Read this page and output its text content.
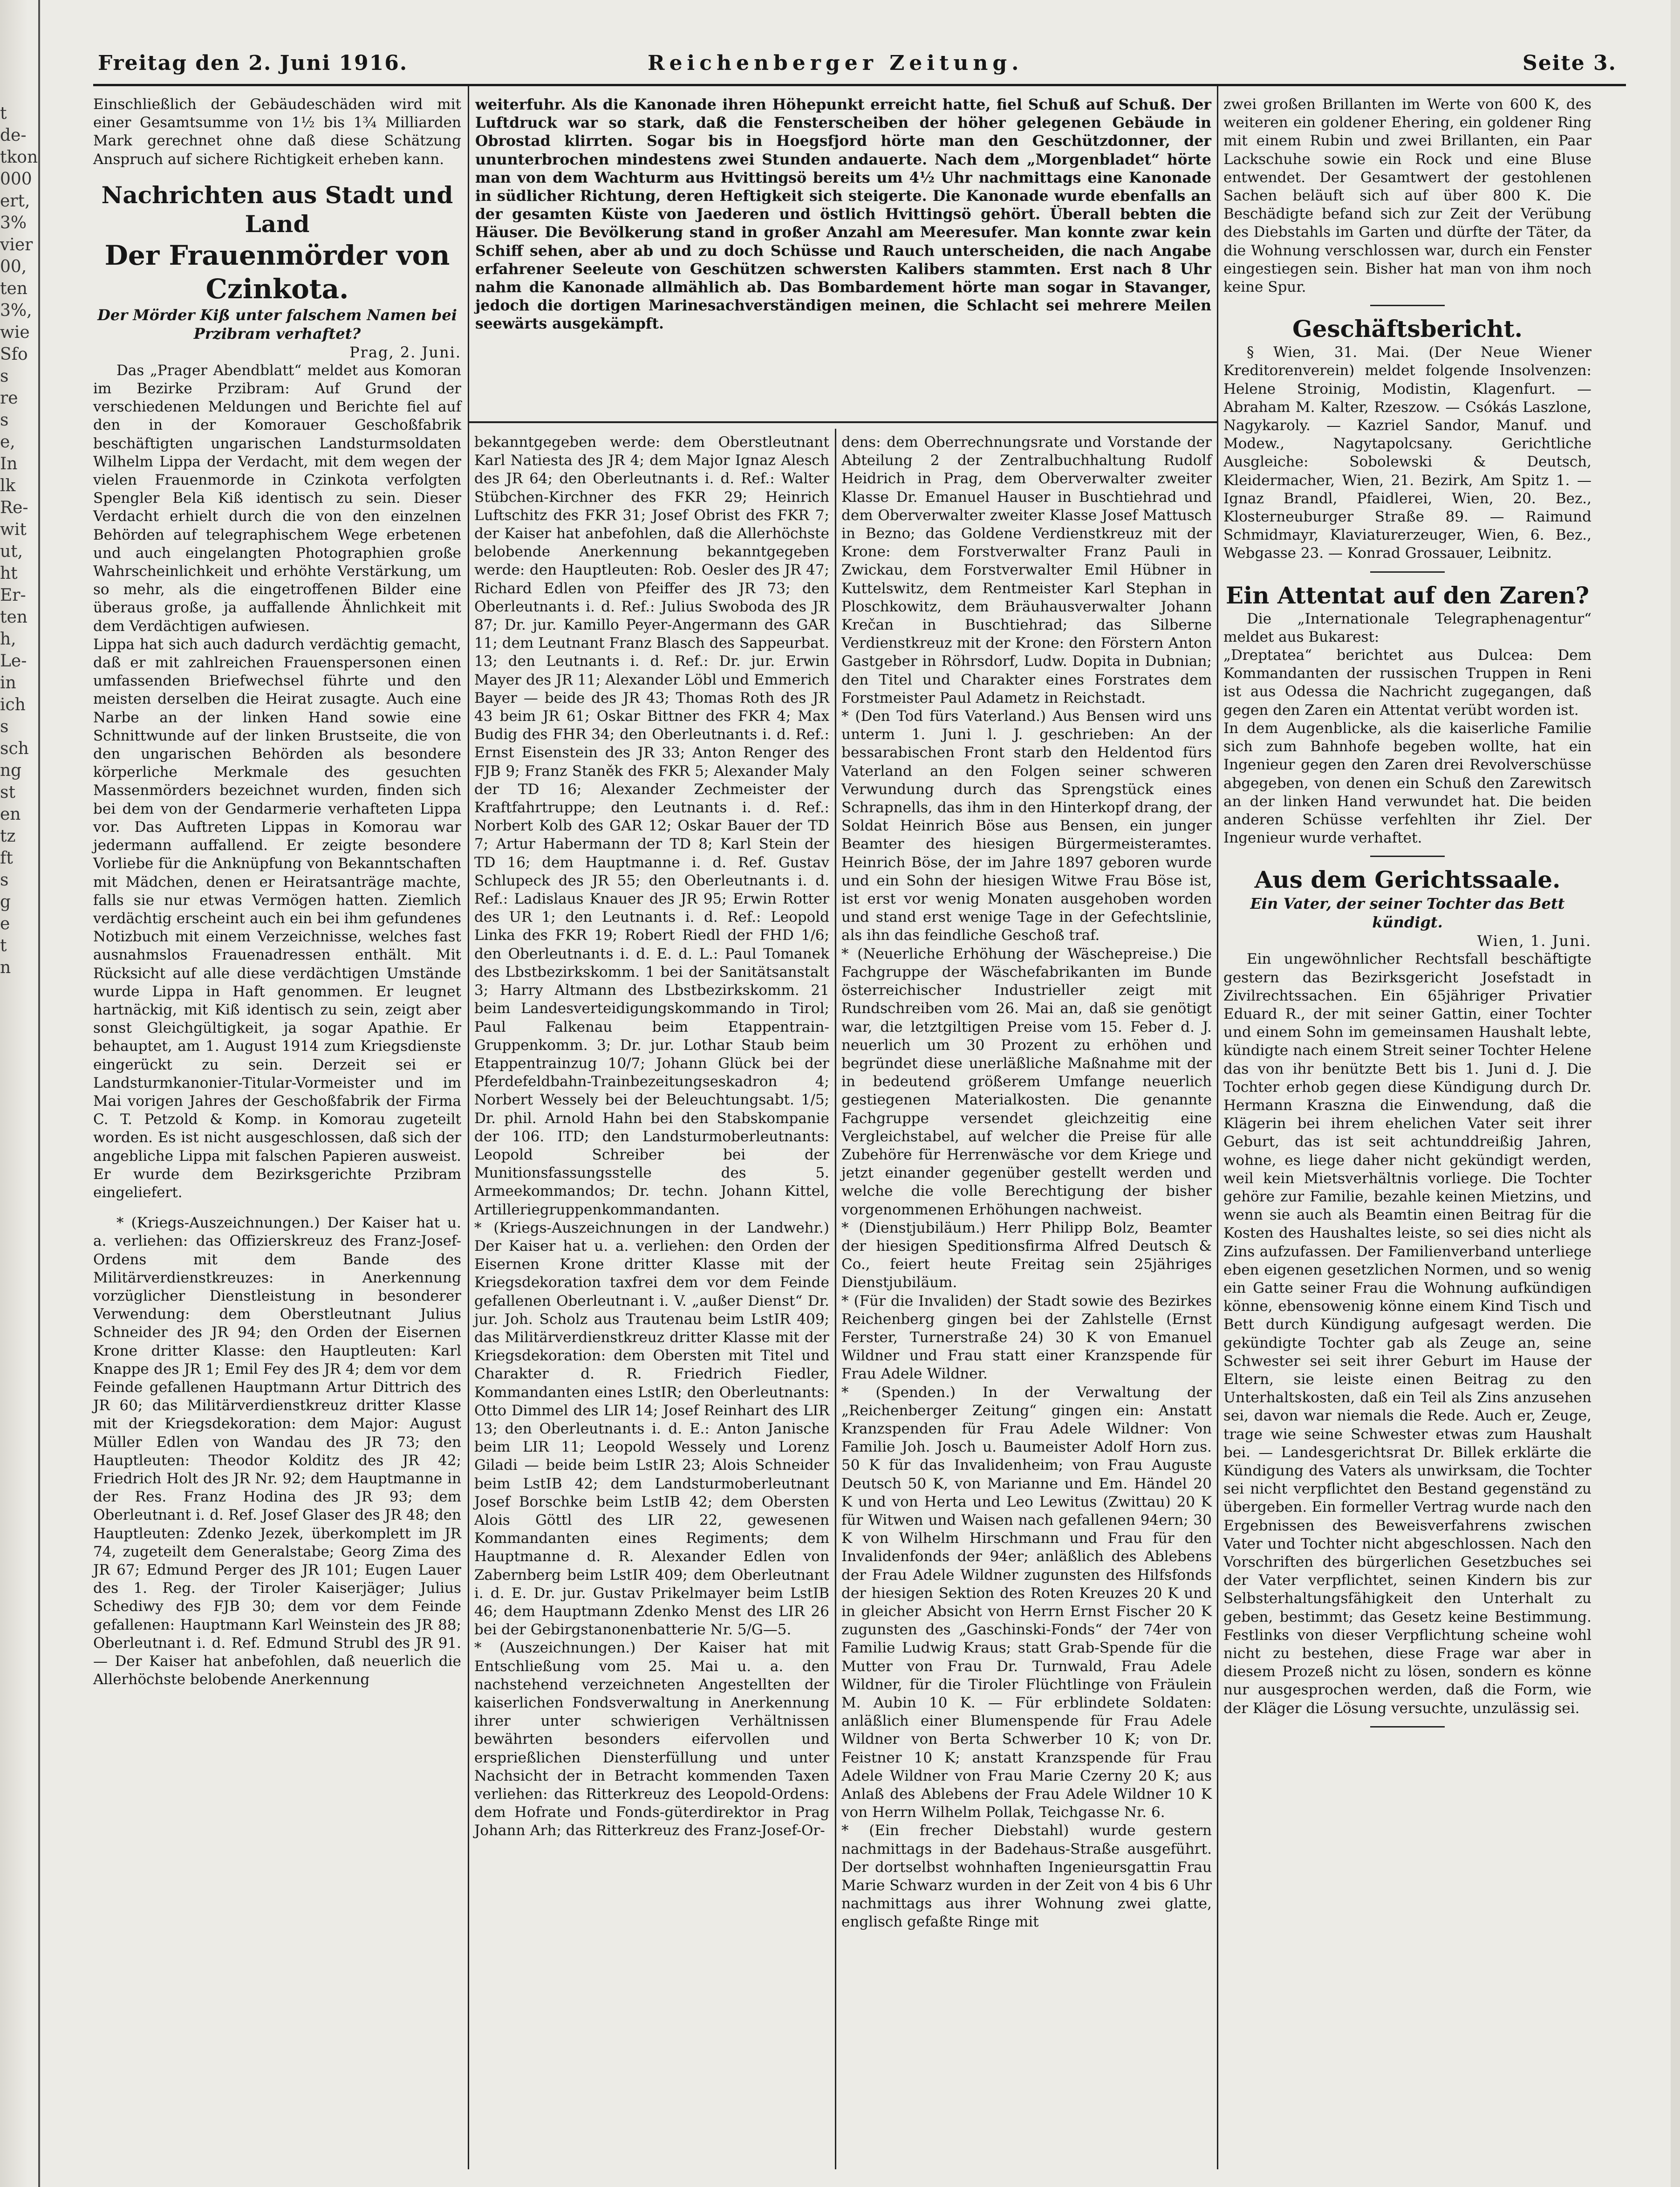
t
de-
tkon
000
ert,
3%
vier
00,
ten
3%,
wie
Sfo
s
re
s
e,
In
lk
Re-
wit
ut,
ht
Er-
ten
h,
Le-
in
ich
s
sch
ng
st
en
tz
ft
s
g
e
t
n
Freitag den 2. Juni 1916.	Reichenberger Zeitung.	Seite 3.

Einschließlich der Gebäudeschäden wird mit einer Gesamtsumme von 1½ bis 1¾ Milliarden Mark gerechnet ohne daß diese Schätzung Anspruch auf sichere Richtigkeit erheben kann.

Nachrichten aus Stadt und Land
Der Frauenmörder von Czinkota.
Der Mörder Kiß unter falschem Namen bei Przibram verhaftet?
Prag, 2. Juni.

Das „Prager Abendblatt“ meldet aus Komoran im Bezirke Przibram: Auf Grund der verschiedenen Meldungen und Berichte fiel auf den in der Komorauer Geschoßfabrik beschäftigten ungarischen Landsturmsoldaten Wilhelm Lippa der Verdacht, mit dem wegen der vielen Frauenmorde in Czinkota verfolgten Spengler Bela Kiß identisch zu sein. Dieser Verdacht erhielt durch die von den einzelnen Behörden auf telegraphischem Wege erbetenen und auch eingelangten Photographien große Wahrscheinlichkeit und erhöhte Verstärkung, um so mehr, als die eingetroffenen Bilder eine überaus große, ja auffallende Ähnlichkeit mit dem Verdächtigen aufwiesen.

Lippa hat sich auch dadurch verdächtig gemacht, daß er mit zahlreichen Frauenspersonen einen umfassenden Briefwechsel führte und den meisten derselben die Heirat zusagte. Auch eine Narbe an der linken Hand sowie eine Schnittwunde auf der linken Brustseite, die von den ungarischen Behörden als besondere körperliche Merkmale des gesuchten Massenmörders bezeichnet wurden, finden sich bei dem von der Gendarmerie verhafteten Lippa vor. Das Auftreten Lippas in Komorau war jedermann auffallend. Er zeigte besondere Vorliebe für die Anknüpfung von Bekanntschaften mit Mädchen, denen er Heiratsanträge machte, falls sie nur etwas Vermögen hatten. Ziemlich verdächtig erscheint auch ein bei ihm gefundenes Notizbuch mit einem Verzeichnisse, welches fast ausnahmslos Frauenadressen enthält. Mit Rücksicht auf alle diese verdächtigen Umstände wurde Lippa in Haft genommen. Er leugnet hartnäckig, mit Kiß identisch zu sein, zeigt aber sonst Gleichgültigkeit, ja sogar Apathie. Er behauptet, am 1. August 1914 zum Kriegsdienste eingerückt zu sein. Derzeit sei er Landsturmkanonier-Titular-Vormeister und im Mai vorigen Jahres der Geschoßfabrik der Firma C. T. Petzold & Komp. in Komorau zugeteilt worden. Es ist nicht ausgeschlossen, daß sich der angebliche Lippa mit falschen Papieren ausweist. Er wurde dem Bezirksgerichte Przibram eingeliefert.

* (Kriegs-Auszeichnungen.) Der Kaiser hat u. a. verliehen: das Offizierskreuz des Franz-Josef-Ordens mit dem Bande des Militärverdienstkreuzes: in Anerkennung vorzüglicher Dienstleistung in besonderer Verwendung: dem Oberstleutnant Julius Schneider des JR 94; den Orden der Eisernen Krone dritter Klasse: den Hauptleuten: Karl Knappe des JR 1; Emil Fey des JR 4; dem vor dem Feinde gefallenen Hauptmann Artur Dittrich des JR 60; das Militärverdienstkreuz dritter Klasse mit der Kriegsdekoration: dem Major: August Müller Edlen von Wandau des JR 73; den Hauptleuten: Theodor Kolditz des JR 42; Friedrich Holt des JR Nr. 92; dem Hauptmanne in der Res. Franz Hodina des JR 93; dem Oberleutnant i. d. Ref. Josef Glaser des JR 48; den Hauptleuten: Zdenko Jezek, überkomplett im JR 74, zugeteilt dem Generalstabe; Georg Zima des JR 67; Edmund Perger des JR 101; Eugen Lauer des 1. Reg. der Tiroler Kaiserjäger; Julius Schediwy des FJB 30; dem vor dem Feinde gefallenen: Hauptmann Karl Weinstein des JR 88; Oberleutnant i. d. Ref. Edmund Strubl des JR 91. — Der Kaiser hat anbefohlen, daß neuerlich die Allerhöchste belobende Anerkennung

weiterfuhr. Als die Kanonade ihren Höhepunkt erreicht hatte, fiel Schuß auf Schuß. Der Luftdruck war so stark, daß die Fensterscheiben der höher gelegenen Gebäude in Obrostad klirrten. Sogar bis in Hoegsfjord hörte man den Geschützdonner, der ununterbrochen mindestens zwei Stunden andauerte. Nach dem „Morgenbladet“ hörte man von dem Wachturm aus Hvittingsö bereits um 4½ Uhr nachmittags eine Kanonade in südlicher Richtung, deren Heftigkeit sich steigerte. Die Kanonade wurde ebenfalls an der gesamten Küste von Jaederen und östlich Hvittingsö gehört. Überall bebten die Häuser. Die Bevölkerung stand in großer Anzahl am Meeresufer. Man konnte zwar kein Schiff sehen, aber ab und zu doch Schüsse und Rauch unterscheiden, die nach Angabe erfahrener Seeleute von Geschützen schwersten Kalibers stammten. Erst nach 8 Uhr nahm die Kanonade allmählich ab. Das Bombardement hörte man sogar in Stavanger, jedoch die dortigen Marinesachverständigen meinen, die Schlacht sei mehrere Meilen seewärts ausgekämpft.

bekanntgegeben werde: dem Oberstleutnant Karl Natiesta des JR 4; dem Major Ignaz Alesch des JR 64; den Oberleutnants i. d. Ref.: Walter Stübchen-Kirchner des FKR 29; Heinrich Luftschitz des FKR 31; Josef Obrist des FKR 7; der Kaiser hat anbefohlen, daß die Allerhöchste belobende Anerkennung bekanntgegeben werde: den Hauptleuten: Rob. Oesler des JR 47; Richard Edlen von Pfeiffer des JR 73; den Oberleutnants i. d. Ref.: Julius Swoboda des JR 87; Dr. jur. Kamillo Peyer-Angermann des GAR 11; dem Leutnant Franz Blasch des Sappeurbat. 13; den Leutnants i. d. Ref.: Dr. jur. Erwin Mayer des JR 11; Alexander Löbl und Emmerich Bayer — beide des JR 43; Thomas Roth des JR 43 beim JR 61; Oskar Bittner des FKR 4; Max Budig des FHR 34; den Oberleutnants i. d. Ref.: Ernst Eisenstein des JR 33; Anton Renger des FJB 9; Franz Staněk des FKR 5; Alexander Maly der TD 16; Alexander Zechmeister der Kraftfahrtruppe; den Leutnants i. d. Ref.: Norbert Kolb des GAR 12; Oskar Bauer der TD 7; Artur Habermann der TD 8; Karl Stein der TD 16; dem Hauptmanne i. d. Ref. Gustav Schlupeck des JR 55; den Oberleutnants i. d. Ref.: Ladislaus Knauer des JR 95; Erwin Rotter des UR 1; den Leutnants i. d. Ref.: Leopold Linka des FKR 19; Robert Riedl der FHD 1/6; den Oberleutnants i. d. E. d. L.: Paul Tomanek des Lbstbezirkskomm. 1 bei der Sanitätsanstalt 3; Harry Altmann des Lbstbezirkskomm. 21 beim Landesverteidigungskommando in Tirol; Paul Falkenau beim Etappentrain-Gruppenkomm. 3; Dr. jur. Lothar Staub beim Etappentrainzug 10/7; Johann Glück bei der Pferdefeldbahn-Trainbezeitungseskadron 4; Norbert Wessely bei der Beleuchtungsabt. 1/5; Dr. phil. Arnold Hahn bei den Stabskompanie der 106. ITD; den Landsturmoberleutnants: Leopold Schreiber bei der Munitionsfassungsstelle des 5. Armeekommandos; Dr. techn. Johann Kittel, Artilleriegruppenkommandanten.

* (Kriegs-Auszeichnungen in der Landwehr.) Der Kaiser hat u. a. verliehen: den Orden der Eisernen Krone dritter Klasse mit der Kriegsdekoration taxfrei dem vor dem Feinde gefallenen Oberleutnant i. V. „außer Dienst“ Dr. jur. Joh. Scholz aus Trautenau beim LstIR 409; das Militärverdienstkreuz dritter Klasse mit der Kriegsdekoration: dem Obersten mit Titel und Charakter d. R. Friedrich Fiedler, Kommandanten eines LstIR; den Oberleutnants: Otto Dimmel des LIR 14; Josef Reinhart des LIR 13; den Oberleutnants i. d. E.: Anton Janische beim LIR 11; Leopold Wessely und Lorenz Giladi — beide beim LstIR 23; Alois Schneider beim LstIB 42; dem Landsturmoberleutnant Josef Borschke beim LstIB 42; dem Obersten Alois Göttl des LIR 22, gewesenen Kommandanten eines Regiments; dem Hauptmanne d. R. Alexander Edlen von Zabernberg beim LstIR 409; dem Oberleutnant i. d. E. Dr. jur. Gustav Prikelmayer beim LstIB 46; dem Hauptmann Zdenko Menst des LIR 26 bei der Gebirgstanonenbatterie Nr. 5/G—5.

* (Auszeichnungen.) Der Kaiser hat mit Entschließung vom 25. Mai u. a. den nachstehend verzeichneten Angestellten der kaiserlichen Fondsverwaltung in Anerkennung ihrer unter schwierigen Verhältnissen bewährten besonders eifervollen und ersprießlichen Diensterfüllung und unter Nachsicht der in Betracht kommenden Taxen verliehen: das Ritterkreuz des Leopold-Ordens: dem Hofrate und Fonds-güterdirektor in Prag Johann Arh; das Ritterkreuz des Franz-Josef-Or-

dens: dem Oberrechnungsrate und Vorstande der Abteilung 2 der Zentralbuchhaltung Rudolf Heidrich in Prag, dem Oberverwalter zweiter Klasse Dr. Emanuel Hauser in Buschtiehrad und dem Oberverwalter zweiter Klasse Josef Mattusch in Bezno; das Goldene Verdienstkreuz mit der Krone: dem Forstverwalter Franz Pauli in Zwickau, dem Forstverwalter Emil Hübner in Kuttelswitz, dem Rentmeister Karl Stephan in Ploschkowitz, dem Bräuhausverwalter Johann Krečan in Buschtiehrad; das Silberne Verdienstkreuz mit der Krone: den Förstern Anton Gastgeber in Röhrsdorf, Ludw. Dopita in Dubnian; den Titel und Charakter eines Forstrates dem Forstmeister Paul Adametz in Reichstadt.

* (Den Tod fürs Vaterland.) Aus Bensen wird uns unterm 1. Juni l. J. geschrieben: An der bessarabischen Front starb den Heldentod fürs Vaterland an den Folgen seiner schweren Verwundung durch das Sprengstück eines Schrapnells, das ihm in den Hinterkopf drang, der Soldat Heinrich Böse aus Bensen, ein junger Beamter des hiesigen Bürgermeisteramtes. Heinrich Böse, der im Jahre 1897 geboren wurde und ein Sohn der hiesigen Witwe Frau Böse ist, ist erst vor wenig Monaten ausgehoben worden und stand erst wenige Tage in der Gefechtslinie, als ihn das feindliche Geschoß traf.

* (Neuerliche Erhöhung der Wäschepreise.) Die Fachgruppe der Wäschefabrikanten im Bunde österreichischer Industrieller zeigt mit Rundschreiben vom 26. Mai an, daß sie genötigt war, die letztgiltigen Preise vom 15. Feber d. J. neuerlich um 30 Prozent zu erhöhen und begründet diese unerläßliche Maßnahme mit der in bedeutend größerem Umfange neuerlich gestiegenen Materialkosten. Die genannte Fachgruppe versendet gleichzeitig eine Vergleichstabel, auf welcher die Preise für alle Zubehöre für Herrenwäsche vor dem Kriege und jetzt einander gegenüber gestellt werden und welche die volle Berechtigung der bisher vorgenommenen Erhöhungen nachweist.

* (Dienstjubiläum.) Herr Philipp Bolz, Beamter der hiesigen Speditionsfirma Alfred Deutsch & Co., feiert heute Freitag sein 25jähriges Dienstjubiläum.

* (Für die Invaliden) der Stadt sowie des Bezirkes Reichenberg gingen bei der Zahlstelle (Ernst Ferster, Turnerstraße 24) 30 K von Emanuel Wildner und Frau statt einer Kranzspende für Frau Adele Wildner.

* (Spenden.) In der Verwaltung der „Reichenberger Zeitung“ gingen ein: Anstatt Kranzspenden für Frau Adele Wildner: Von Familie Joh. Josch u. Baumeister Adolf Horn zus. 50 K für das Invalidenheim; von Frau Auguste Deutsch 50 K, von Marianne und Em. Händel 20 K und von Herta und Leo Lewitus (Zwittau) 20 K für Witwen und Waisen nach gefallenen 94ern; 30 K von Wilhelm Hirschmann und Frau für den Invalidenfonds der 94er; anläßlich des Ablebens der Frau Adele Wildner zugunsten des Hilfsfonds der hiesigen Sektion des Roten Kreuzes 20 K und in gleicher Absicht von Herrn Ernst Fischer 20 K zugunsten des „Gaschinski-Fonds“ der 74er von Familie Ludwig Kraus; statt Grab-Spende für die Mutter von Frau Dr. Turnwald, Frau Adele Wildner, für die Tiroler Flüchtlinge von Fräulein M. Aubin 10 K. — Für erblindete Soldaten: anläßlich einer Blumenspende für Frau Adele Wildner von Berta Schwerber 10 K; von Dr. Feistner 10 K; anstatt Kranzspende für Frau Adele Wildner von Frau Marie Czerny 20 K; aus Anlaß des Ablebens der Frau Adele Wildner 10 K von Herrn Wilhelm Pollak, Teichgasse Nr. 6.

* (Ein frecher Diebstahl) wurde gestern nachmittags in der Badehaus-Straße ausgeführt. Der dortselbst wohnhaften Ingenieursgattin Frau Marie Schwarz wurden in der Zeit von 4 bis 6 Uhr nachmittags aus ihrer Wohnung zwei glatte, englisch gefaßte Ringe mit

zwei großen Brillanten im Werte von 600 K, des weiteren ein goldener Ehering, ein goldener Ring mit einem Rubin und zwei Brillanten, ein Paar Lackschuhe sowie ein Rock und eine Bluse entwendet. Der Gesamtwert der gestohlenen Sachen beläuft sich auf über 800 K. Die Beschädigte befand sich zur Zeit der Verübung des Diebstahls im Garten und dürfte der Täter, da die Wohnung verschlossen war, durch ein Fenster eingestiegen sein. Bisher hat man von ihm noch keine Spur.

Geschäftsbericht.

§ Wien, 31. Mai. (Der Neue Wiener Kreditorenverein) meldet folgende Insolvenzen: Helene Stroinig, Modistin, Klagenfurt. — Abraham M. Kalter, Rzeszow. — Csókás Laszlone, Nagykaroly. — Kazriel Sandor, Manuf. und Modew., Nagytapolcsany. Gerichtliche Ausgleiche: Sobolewski & Deutsch, Kleidermacher, Wien, 21. Bezirk, Am Spitz 1. — Ignaz Brandl, Pfaidlerei, Wien, 20. Bez., Klosterneuburger Straße 89. — Raimund Schmidmayr, Klaviaturerzeuger, Wien, 6. Bez., Webgasse 23. — Konrad Grossauer, Leibnitz.

Ein Attentat auf den Zaren?

Die „Internationale Telegraphenagentur“ meldet aus Bukarest:

„Dreptatea“ berichtet aus Dulcea: Dem Kommandanten der russischen Truppen in Reni ist aus Odessa die Nachricht zugegangen, daß gegen den Zaren ein Attentat verübt worden ist.

In dem Augenblicke, als die kaiserliche Familie sich zum Bahnhofe begeben wollte, hat ein Ingenieur gegen den Zaren drei Revolverschüsse abgegeben, von denen ein Schuß den Zarewitsch an der linken Hand verwundet hat. Die beiden anderen Schüsse verfehlten ihr Ziel. Der Ingenieur wurde verhaftet.

Aus dem Gerichtssaale.
Ein Vater, der seiner Tochter das Bett kündigt.
Wien, 1. Juni.

Ein ungewöhnlicher Rechtsfall beschäftigte gestern das Bezirksgericht Josefstadt in Zivilrechtssachen. Ein 65jähriger Privatier Eduard R., der mit seiner Gattin, einer Tochter und einem Sohn im gemeinsamen Haushalt lebte, kündigte nach einem Streit seiner Tochter Helene das von ihr benützte Bett bis 1. Juni d. J. Die Tochter erhob gegen diese Kündigung durch Dr. Hermann Kraszna die Einwendung, daß die Klägerin bei ihrem ehelichen Vater seit ihrer Geburt, das ist seit achtunddreißig Jahren, wohne, es liege daher nicht gekündigt werden, weil kein Mietsverhältnis vorliege. Die Tochter gehöre zur Familie, bezahle keinen Mietzins, und wenn sie auch als Beamtin einen Beitrag für die Kosten des Haushaltes leiste, so sei dies nicht als Zins aufzufassen. Der Familienverband unterliege eben eigenen gesetzlichen Normen, und so wenig ein Gatte seiner Frau die Wohnung aufkündigen könne, ebensowenig könne einem Kind Tisch und Bett durch Kündigung aufgesagt werden. Die gekündigte Tochter gab als Zeuge an, seine Schwester sei seit ihrer Geburt im Hause der Eltern, sie leiste einen Beitrag zu den Unterhaltskosten, daß ein Teil als Zins anzusehen sei, davon war niemals die Rede. Auch er, Zeuge, trage wie seine Schwester etwas zum Haushalt bei. — Landesgerichtsrat Dr. Billek erklärte die Kündigung des Vaters als unwirksam, die Tochter sei nicht verpflichtet den Bestand gegenständ zu übergeben. Ein formeller Vertrag wurde nach den Ergebnissen des Beweisverfahrens zwischen Vater und Tochter nicht abgeschlossen. Nach den Vorschriften des bürgerlichen Gesetzbuches sei der Vater verpflichtet, seinen Kindern bis zur Selbsterhaltungsfähigkeit den Unterhalt zu geben, bestimmt; das Gesetz keine Bestimmung. Festlinks von dieser Verpflichtung scheine wohl nicht zu bestehen, diese Frage war aber in diesem Prozeß nicht zu lösen, sondern es könne nur ausgesprochen werden, daß die Form, wie der Kläger die Lösung versuchte, unzulässig sei.
